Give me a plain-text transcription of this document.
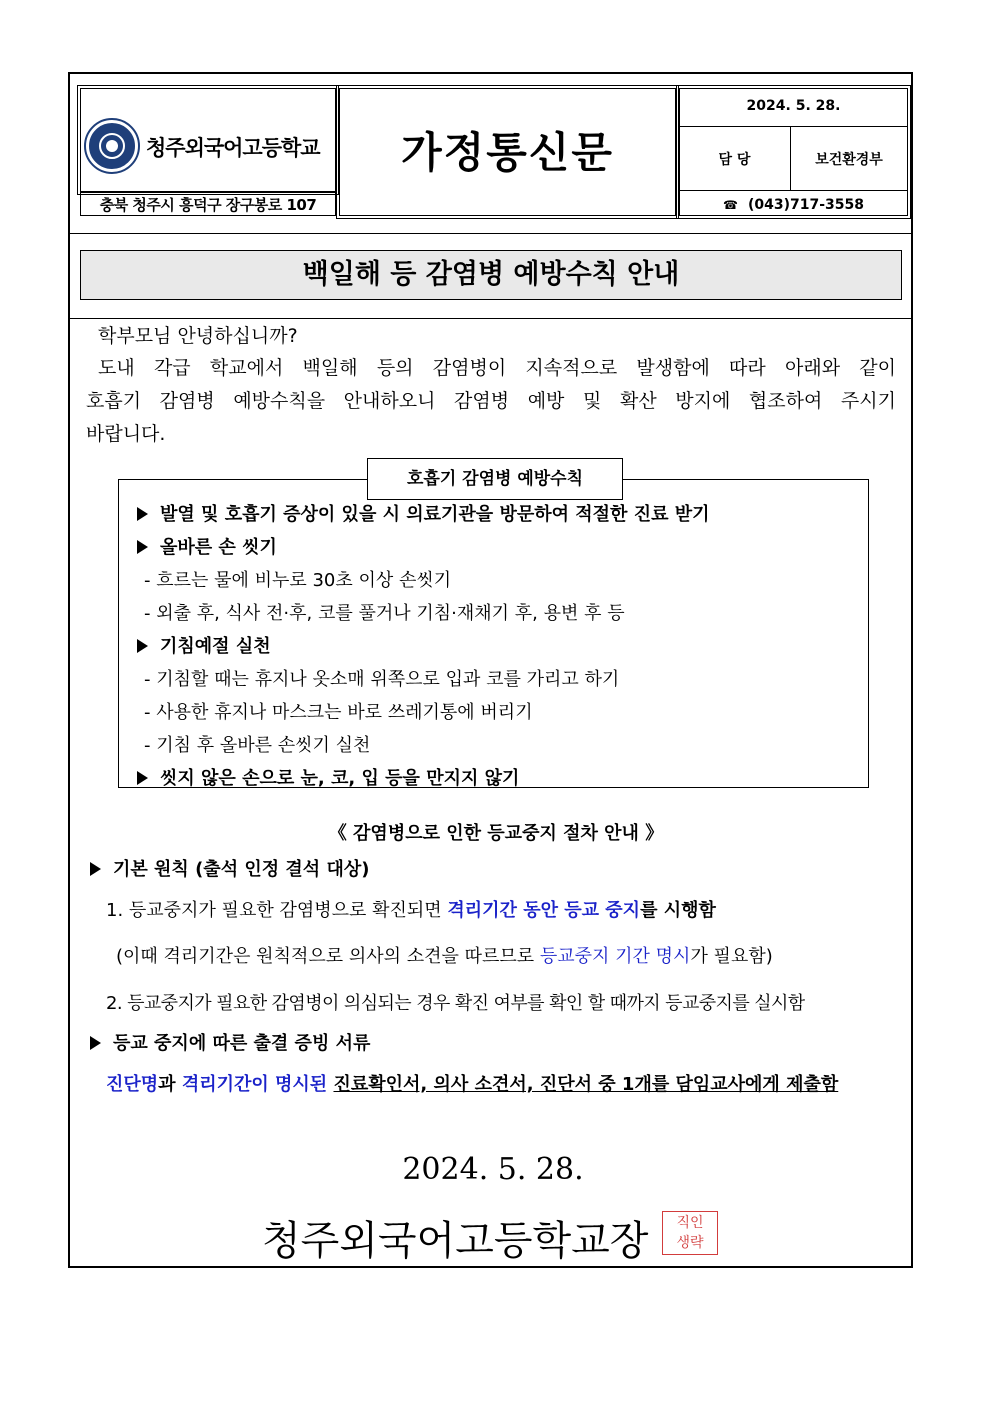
청주외국어고등학교
충북 청주시 흥덕구 장구봉로 107
가정통신문
2024. 5. 28.
담 당	보건환경부
☎ (043)717-3558
백일해 등 감염병 예방수칙 안내
학부모님 안녕하십니까?
도내 각급 학교에서 백일해 등의 감염병이 지속적으로 발생함에 따라 아래와 같이
호흡기 감염병 예방수칙을 안내하오니 감염병 예방 및 확산 방지에 협조하여 주시기
바랍니다.
호흡기 감염병 예방수칙
발열 및 호흡기 증상이 있을 시 의료기관을 방문하여 적절한 진료 받기
올바른 손 씻기
- 흐르는 물에 비누로 30초 이상 손씻기
- 외출 후, 식사 전·후, 코를 풀거나 기침·재채기 후, 용변 후 등
기침예절 실천
- 기침할 때는 휴지나 옷소매 위쪽으로 입과 코를 가리고 하기
- 사용한 휴지나 마스크는 바로 쓰레기통에 버리기
- 기침 후 올바른 손씻기 실천
씻지 않은 손으로 눈, 코, 입 등을 만지지 않기
《 감염병으로 인한 등교중지 절차 안내 》
기본 원칙 (출석 인정 결석 대상)
1. 등교중지가 필요한 감염병으로 확진되면 격리기간 동안 등교 중지를 시행함
(이때 격리기간은 원칙적으로 의사의 소견을 따르므로 등교중지 기간 명시가 필요함)
2. 등교중지가 필요한 감염병이 의심되는 경우 확진 여부를 확인 할 때까지 등교중지를 실시함
등교 중지에 따른 출결 증빙 서류
진단명과 격리기간이 명시된 진료확인서, 의사 소견서, 진단서 중 1개를 담임교사에게 제출함
2024. 5. 28.
청주외국어고등학교장	직인
생략
